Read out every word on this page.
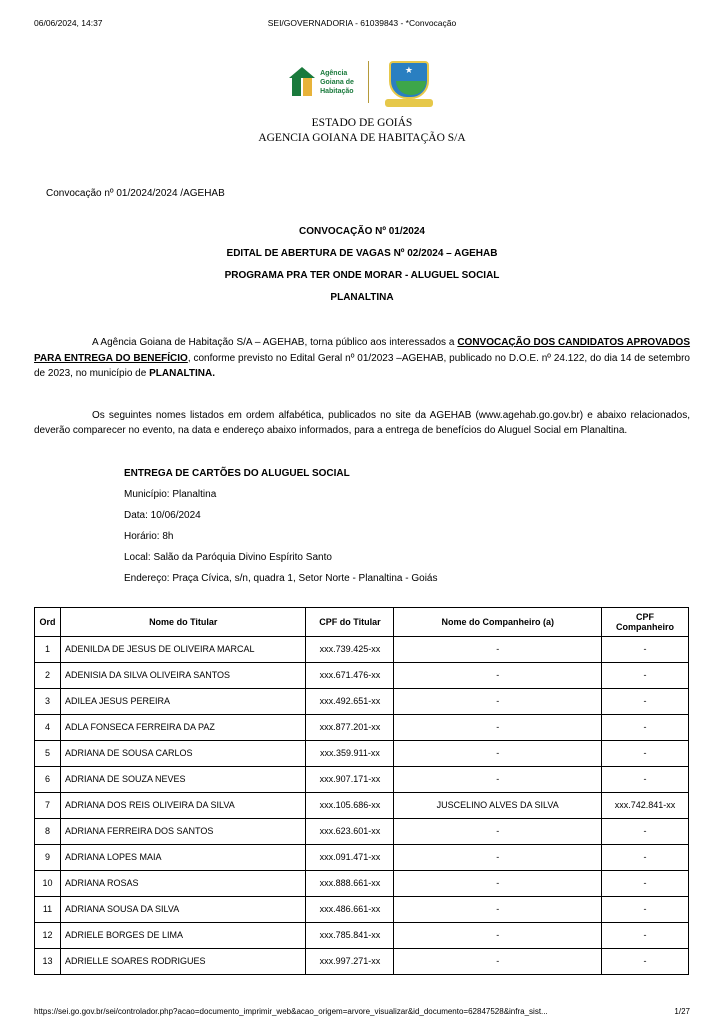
06/06/2024, 14:37	SEI/GOVERNADORIA - 61039843 - *Convocação
Agência
Goiana de
Habitação
★
ESTADO DE GOIÁS
AGENCIA GOIANA DE HABITAÇÃO S/A
Convocação nº 01/2024/2024 /AGEHAB
CONVOCAÇÃO Nº 01/2024
EDITAL DE ABERTURA DE VAGAS Nº 02/2024 – AGEHAB
PROGRAMA PRA TER ONDE MORAR - ALUGUEL SOCIAL
PLANALTINA
A Agência Goiana de Habitação S/A – AGEHAB, torna público aos interessados a CONVOCAÇÃO DOS CANDIDATOS APROVADOS PARA ENTREGA DO BENEFÍCIO, conforme previsto no Edital Geral nº 01/2023 –AGEHAB, publicado no D.O.E. nº 24.122, do dia 14 de setembro de 2023, no município de PLANALTINA.
Os seguintes nomes listados em ordem alfabética, publicados no site da AGEHAB (www.agehab.go.gov.br) e abaixo relacionados, deverão comparecer no evento, na data e endereço abaixo informados, para a entrega de benefícios do Aluguel Social em Planaltina.
ENTREGA DE CARTÕES DO ALUGUEL SOCIAL
Município: Planaltina
Data: 10/06/2024
Horário: 8h
Local: Salão da Paróquia Divino Espírito Santo
Endereço: Praça Cívica, s/n, quadra 1, Setor Norte - Planaltina - Goiás
Ord	Nome do Titular	CPF do Titular	Nome do Companheiro (a)	CPF Companheiro
1	ADENILDA DE JESUS DE OLIVEIRA MARCAL	xxx.739.425-xx	-	-
2	ADENISIA DA SILVA OLIVEIRA SANTOS	xxx.671.476-xx	-	-
3	ADILEA JESUS PEREIRA	xxx.492.651-xx	-	-
4	ADLA FONSECA FERREIRA DA PAZ	xxx.877.201-xx	-	-
5	ADRIANA DE SOUSA CARLOS	xxx.359.911-xx	-	-
6	ADRIANA DE SOUZA NEVES	xxx.907.171-xx	-	-
7	ADRIANA DOS REIS OLIVEIRA DA SILVA	xxx.105.686-xx	JUSCELINO ALVES DA SILVA	xxx.742.841-xx
8	ADRIANA FERREIRA DOS SANTOS	xxx.623.601-xx	-	-
9	ADRIANA LOPES MAIA	xxx.091.471-xx	-	-
10	ADRIANA ROSAS	xxx.888.661-xx	-	-
11	ADRIANA SOUSA DA SILVA	xxx.486.661-xx	-	-
12	ADRIELE BORGES DE LIMA	xxx.785.841-xx	-	-
13	ADRIELLE SOARES RODRIGUES	xxx.997.271-xx	-	-
https://sei.go.gov.br/sei/controlador.php?acao=documento_imprimir_web&acao_origem=arvore_visualizar&id_documento=62847528&infra_sist...	1/27
